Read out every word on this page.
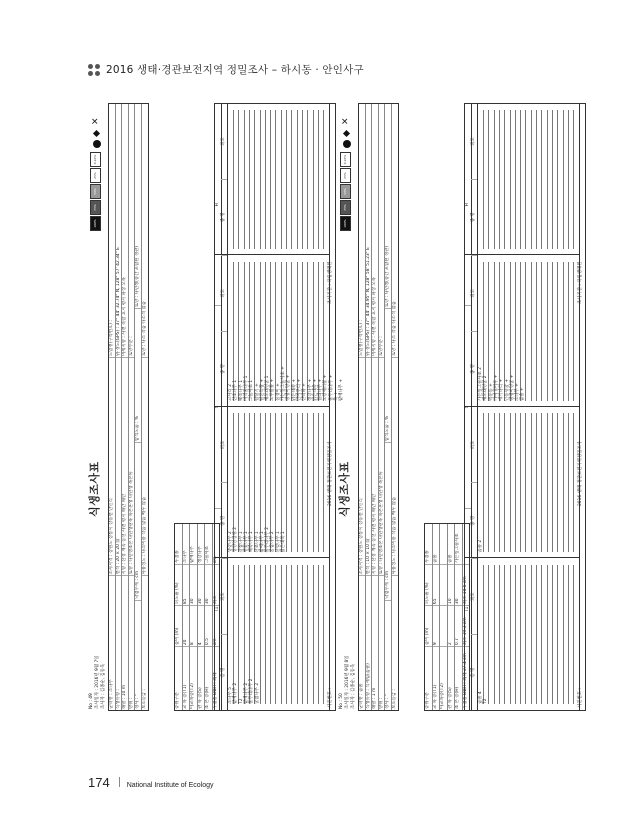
2016 생태·경관보전지역 정밀조사 – 하시동 · 안인사구
No : 49 조사일자 : 2016년 9월 7일 조사자 : 김종순, 김동욱
식생조사표
100%
75%
50%
25%
0-10%
✕
군락명 : 소나무
조사지역 : 강원도 강릉시 강동면 안인리
도엽명(구역번호) :
식생유형 :
면적 : 20 × 20 ㎡
위·경도(GPS) : 37° 44' 32.74" N, 128° 57' 42.34" E
해발 : 10 m
지형 : 산정 계곡 능선 사면 평지 해안 해안
미세지형 : 사면 복합 요지 평지 파상 오목
방위 :
토양 : 다년생초본 다년생관목 목본혼생 다년생 목본류
토양수분 :
경사 : °
낙엽두께 : cm
암석노출 : %
토양 : 다년생(중간 포함된 경관)
보호등급 :
사용정도 : 다소이용 작음 많음 매우 많음
토양 : 다소 작음 다소적 많음
층위구분
높이 (m)
피도율 (%)
우점종
교 목 층(T1)
20
85
소나무
아교목층(T2)
8
30
팥배나무
관 목 층(S)
4
30
생강나무
초 본 층(H)
0.5
30
그늘사초
우점종 DBH : 최대
cm
최소
cm
T1
S
H
층 명
피도
종 명
피도
종 명
피도
종 명
피도
소나무 5 팥배나무 2 T2 팥배나무 2 물푸레나무 2 굴참나무 2
생강나무 2 정영엉겅퀴 2 갈참나무 1 병꽃나무 1 때죽나무 1 산초나무 1 팥배나무 1 물푸레나무 2 굴참나무 2 산벚나무 1 맑은대쑥 1
고사리 2 산초나무 1 때죽나무 1 미역줄나무 1 그늘사초 1 뱀딸기 + 털진득찰 + 새모래덩굴 1 노루발풀 + 질경이 + 가는잎그늘사초 + 댕댕이덩굴 + 맑은대쑥 + 민미꾸리 + 산박하 + 생강나무 + 맑은대쑥 + 찔레나무 + 노랑제비꽃 + 물푸레나무 + 쑥 + 팥배나무 +
사진번호 :
2016 생태·경관보전지역정밀조사
조사기관 : 국립생태원
No : 50 조사일자 : 2016년 9월 8일 조사자 : 김종순, 김동욱
식생조사표
100%
75%
50%
25%
0-10%
✕
군락명 : 곰솔
조사지역 : 강원도 강릉시 강동면 안인리
도엽명(구역번호) :
식생유형 : 식재림(곰솔)
면적 : 10 × 10 ㎡
위·경도(GPS) : 37° 44' 34.95" N, 128° 58' 51.23" E
해발 : 1 m
지형 : 산정 계곡 능선 사면 평지 해안 해안
미세지형 : 사면 복합 요지 평지 파상 오목
방위 :
토양 : 다년생초본 다년생관목 목본혼생 다년생 목본류
토양수분 :
경사 : °
낙엽두께 : cm
암석노출 : %
토양 : 다년생(중간 포함된 경관)
보호등급 :
사용정도 : 다소이용 작음 많음 매우 많음
토양 : 다소 작음 다소적 많음
층위구분
높이 (m)
피도율 (%)
우점종
교 목 층(T1)
9
65
곰솔
아교목층(T2) 관 목 층(S)
2
10
곰솔
초 본 층(H)
0.7
30
가는잎그늘사초
우점종 DBH : 최대 27.4 cm
최소 19.3 cm
최소 10.5 cm
T1
S
H
층 명
피도
종 명
피도
종 명
피도
종 명
피도
곰솔 4 T2
곰솔 2
가는잎그늘사초 2 새모래덩굴 2 맥문동 + 까마귀머루 + 애기나리 + 인동덩굴 + 댕댕이덩굴 + 소나무 + 곰솔 +
사진번호 :
2016 생태·경관보전지역정밀조사
조사기관 : 국립생태원
174 National Institute of Ecology
